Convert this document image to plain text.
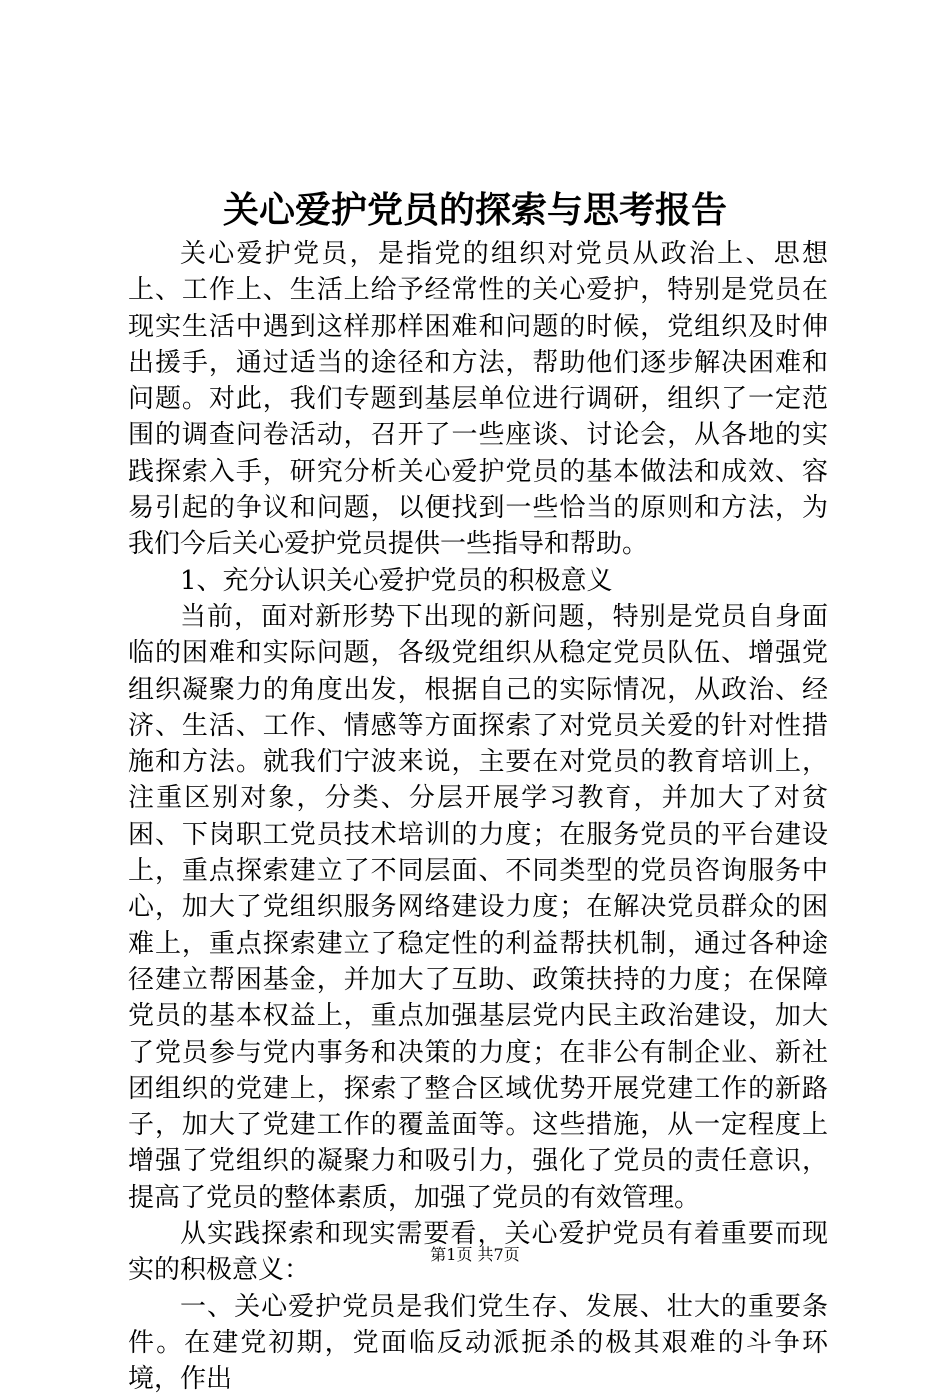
关心爱护党员的探索与思考报告

关心爱护党员，是指党的组织对党员从政治上、思想上、工作上、生活上给予经常性的关心爱护，特别是党员在现实生活中遇到这样那样困难和问题的时候，党组织及时伸出援手，通过适当的途径和方法，帮助他们逐步解决困难和问题。对此，我们专题到基层单位进行调研，组织了一定范围的调查问卷活动，召开了一些座谈、讨论会，从各地的实践探索入手，研究分析关心爱护党员的基本做法和成效、容易引起的争议和问题，以便找到一些恰当的原则和方法，为我们今后关心爱护党员提供一些指导和帮助。

1、充分认识关心爱护党员的积极意义

当前，面对新形势下出现的新问题，特别是党员自身面临的困难和实际问题，各级党组织从稳定党员队伍、增强党组织凝聚力的角度出发，根据自己的实际情况，从政治、经济、生活、工作、情感等方面探索了对党员关爱的针对性措施和方法。就我们宁波来说，主要在对党员的教育培训上，注重区别对象，分类、分层开展学习教育，并加大了对贫困、下岗职工党员技术培训的力度；在服务党员的平台建设上，重点探索建立了不同层面、不同类型的党员咨询服务中心，加大了党组织服务网络建设力度；在解决党员群众的困难上，重点探索建立了稳定性的利益帮扶机制，通过各种途径建立帮困基金，并加大了互助、政策扶持的力度；在保障党员的基本权益上，重点加强基层党内民主政治建设，加大了党员参与党内事务和决策的力度；在非公有制企业、新社团组织的党建上，探索了整合区域优势开展党建工作的新路子，加大了党建工作的覆盖面等。这些措施，从一定程度上增强了党组织的凝聚力和吸引力，强化了党员的责任意识，提高了党员的整体素质，加强了党员的有效管理。

从实践探索和现实需要看，关心爱护党员有着重要而现实的积极意义：

一、关心爱护党员是我们党生存、发展、壮大的重要条件。在建党初期，党面临反动派扼杀的极其艰难的斗争环境，作出

第1页 共7页
